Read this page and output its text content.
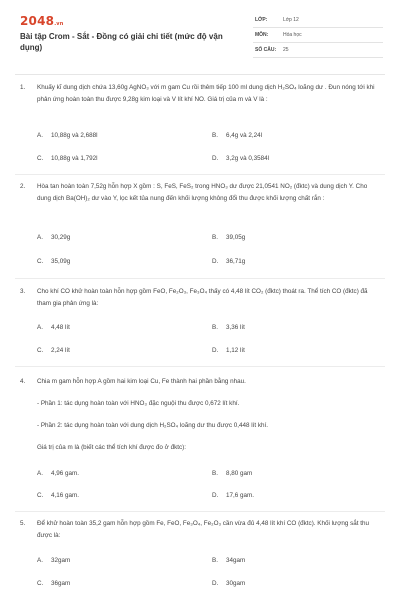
2048.vn
Bài tập Crom - Sắt - Đồng có giải chi tiết (mức độ vận dụng)
LỚP:	Lớp 12
MÔN:	Hóa học
SỐ CÂU: 25
1. Khuấy kĩ dung dịch chứa 13,60g AgNO₃ với m gam Cu rồi thêm tiếp 100 ml dung dịch H₂SO₄ loãng dư . Đun nóng tới khi phản ứng hoàn toàn thu được 9,28g kim loại và V lít khí NO. Giá trị của m và V là :

A. 10,88g và 2,688l	B. 6,4g và 2,24l
C. 10,88g và 1,792l	D. 3,2g và 0,3584l
2. Hòa tan hoàn toàn 7,52g hỗn hợp X gồm : S, FeS, FeS₂ trong HNO₃ dư được 21,0541 NO₂ (đktc) và dung dịch Y. Cho dung dịch Ba(OH)₂ dư vào Y, lọc kết tủa nung đến khối lượng không đổi thu được khối lượng chất rắn :

A. 30,29g	B. 39,05g
C. 35,09g	D. 36,71g
3. Cho khí CO khử hoàn toàn hỗn hợp gồm FeO, Fe₂O₃, Fe₃O₄ thấy có 4,48 lít CO₂ (đktc) thoát ra. Thể tích CO (đktc) đã tham gia phản ứng là:

A. 4,48 lít	B. 3,36 lít
C. 2,24 lít	D. 1,12 lít
4. Chia m gam hỗn hợp A gồm hai kim loại Cu, Fe thành hai phần bằng nhau.

- Phần 1: tác dụng hoàn toàn với HNO₃ đặc nguội thu được 0,672 lít khí.

- Phần 2: tác dụng hoàn toàn với dung dịch H₂SO₄ loãng dư thu được 0,448 lít khí.

Giá trị của m là (biết các thể tích khí được đo ở đktc):

A. 4,96 gam.	B. 8,80 gam
C. 4,16 gam.	D. 17,6 gam.
5. Để khử hoàn toàn 35,2 gam hỗn hợp gồm Fe, FeO, Fe₃O₄, Fe₂O₃ cần vừa đủ 4,48 lít khí CO (đktc). Khối lượng sắt thu được là:

A. 32gam	B. 34gam
C. 36gam	D. 30gam
